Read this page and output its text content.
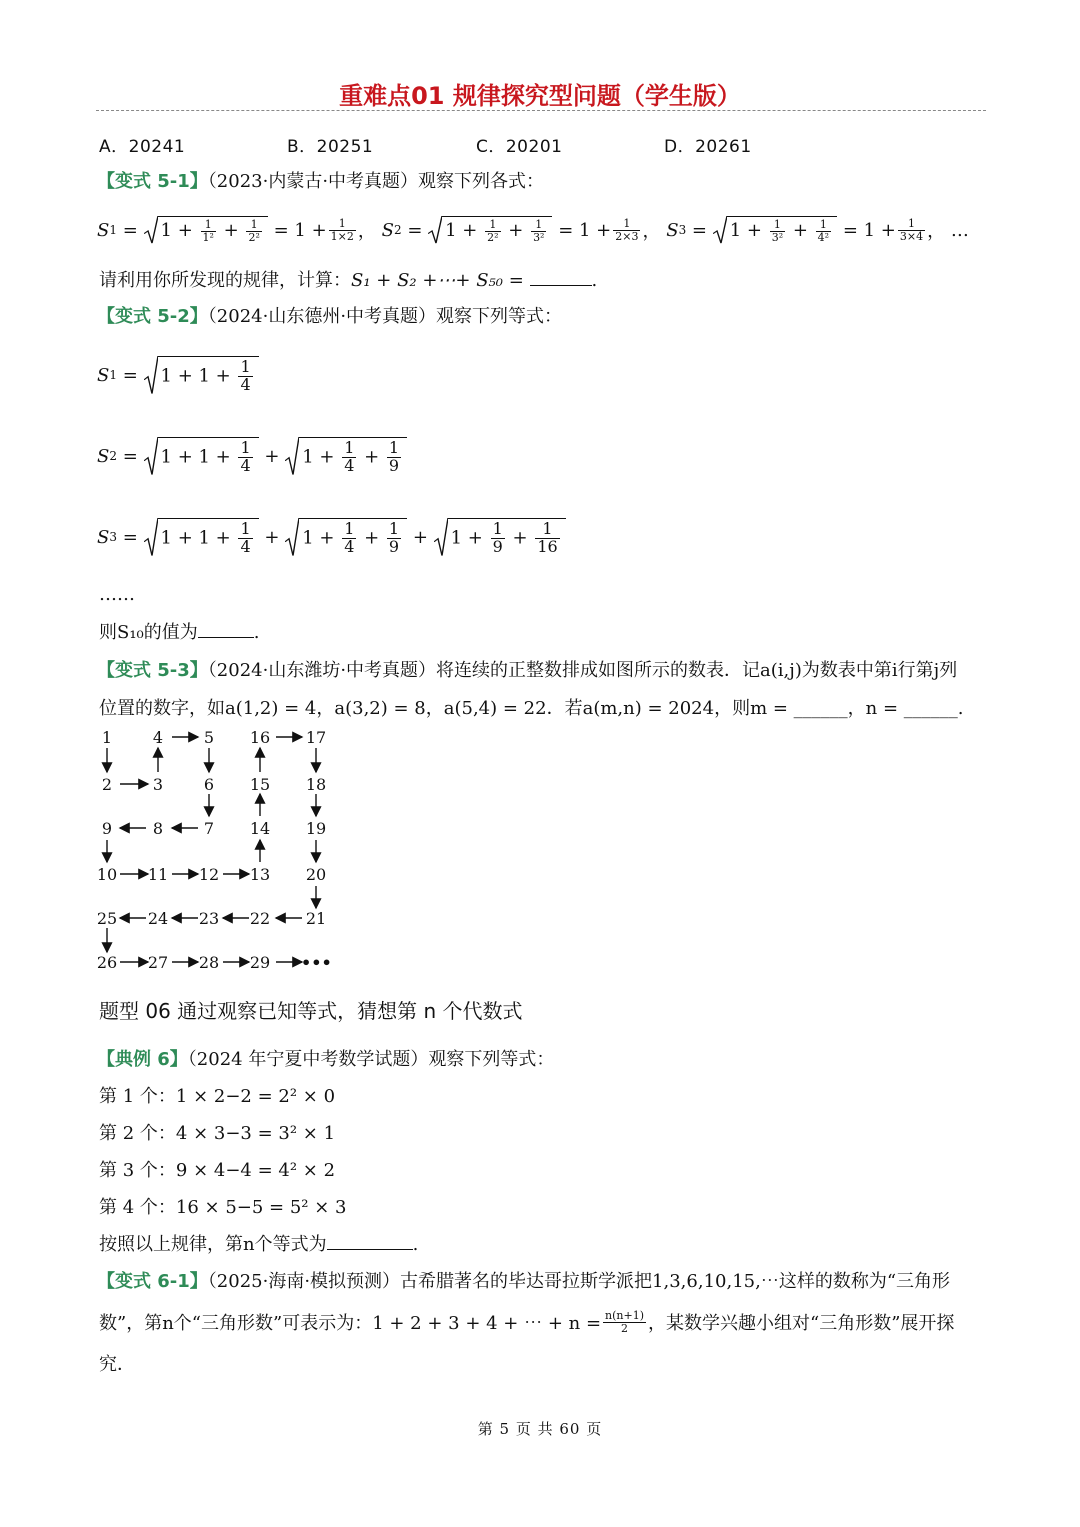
重难点01 规律探究型问题（学生版）
A．20241	B．20251	C．20201	D．20261
【变式 5-1】（2023·内蒙古·中考真题）观察下列各式：
S $1 = 1 + \frac{1}{\text{1²}} + \frac{1}{\text{2²}} = 1 + \frac{1}{1\times 2}$ ， S $2 = 1 + \frac{1}{\text{2²}} + \frac{1}{\text{3²}} = 1 + \frac{1}{2\times 3}$ ， S $3 = 1 + \frac{1}{\text{3²}} + \frac{1}{\text{4²}} = 1 + \frac{1}{3\times 4}$ ， …
请利用你所发现的规律，计算：S₁ + S₂ +⋯+ S₅₀ =	.
【变式 5-2】（2024·山东德州·中考真题）观察下列等式：
S $1 = 1 + 1 + \frac{1}{4}$
S $2 = 1 + 1 + \frac{1}{4} + 1 + \frac{1}{4} + \frac{1}{9}$
S $3 = 1 + 1 + \frac{1}{4} + 1 + \frac{1}{4} + \frac{1}{9} + 1 + \frac{1}{9} + \frac{1}{16}$
……
则S₁₀的值为	.
【变式 5-3】（2024·山东潍坊·中考真题）将连续的正整数排成如图所示的数表．记a(i,j)为数表中第i行第j列
位置的数字，如a(1,2) = 4，a(3,2) = 8，a(5,4) = 22．若a(m,n) = 2024，则m = ______，n = ______.
1	4	5	16	17
2	3	6	15	18
9	8	7	14	19
10	11	12	13	20
25	24	23	22	21
26	27	28	29	•••
题型 06 通过观察已知等式，猜想第 n 个代数式
【典例 6】（2024 年宁夏中考数学试题）观察下列等式：
第 1 个：1 × 2−2 = 2² × 0
第 2 个：4 × 3−3 = 3² × 1
第 3 个：9 × 4−4 = 4² × 2
第 4 个：16 × 5−5 = 5² × 3
按照以上规律，第n个等式为	.
【变式 6-1】（2025·海南·模拟预测）古希腊著名的毕达哥拉斯学派把1,3,6,10,15,⋯这样的数称为“三角形
数”，第n个“三角形数”可表示为：1 + 2 + 3 + 4 + ⋯ + $n = \frac{n(n+1)}{2}$ ，某数学兴趣小组对“三角形数”展开探
究．
第 5 页 共 60 页
